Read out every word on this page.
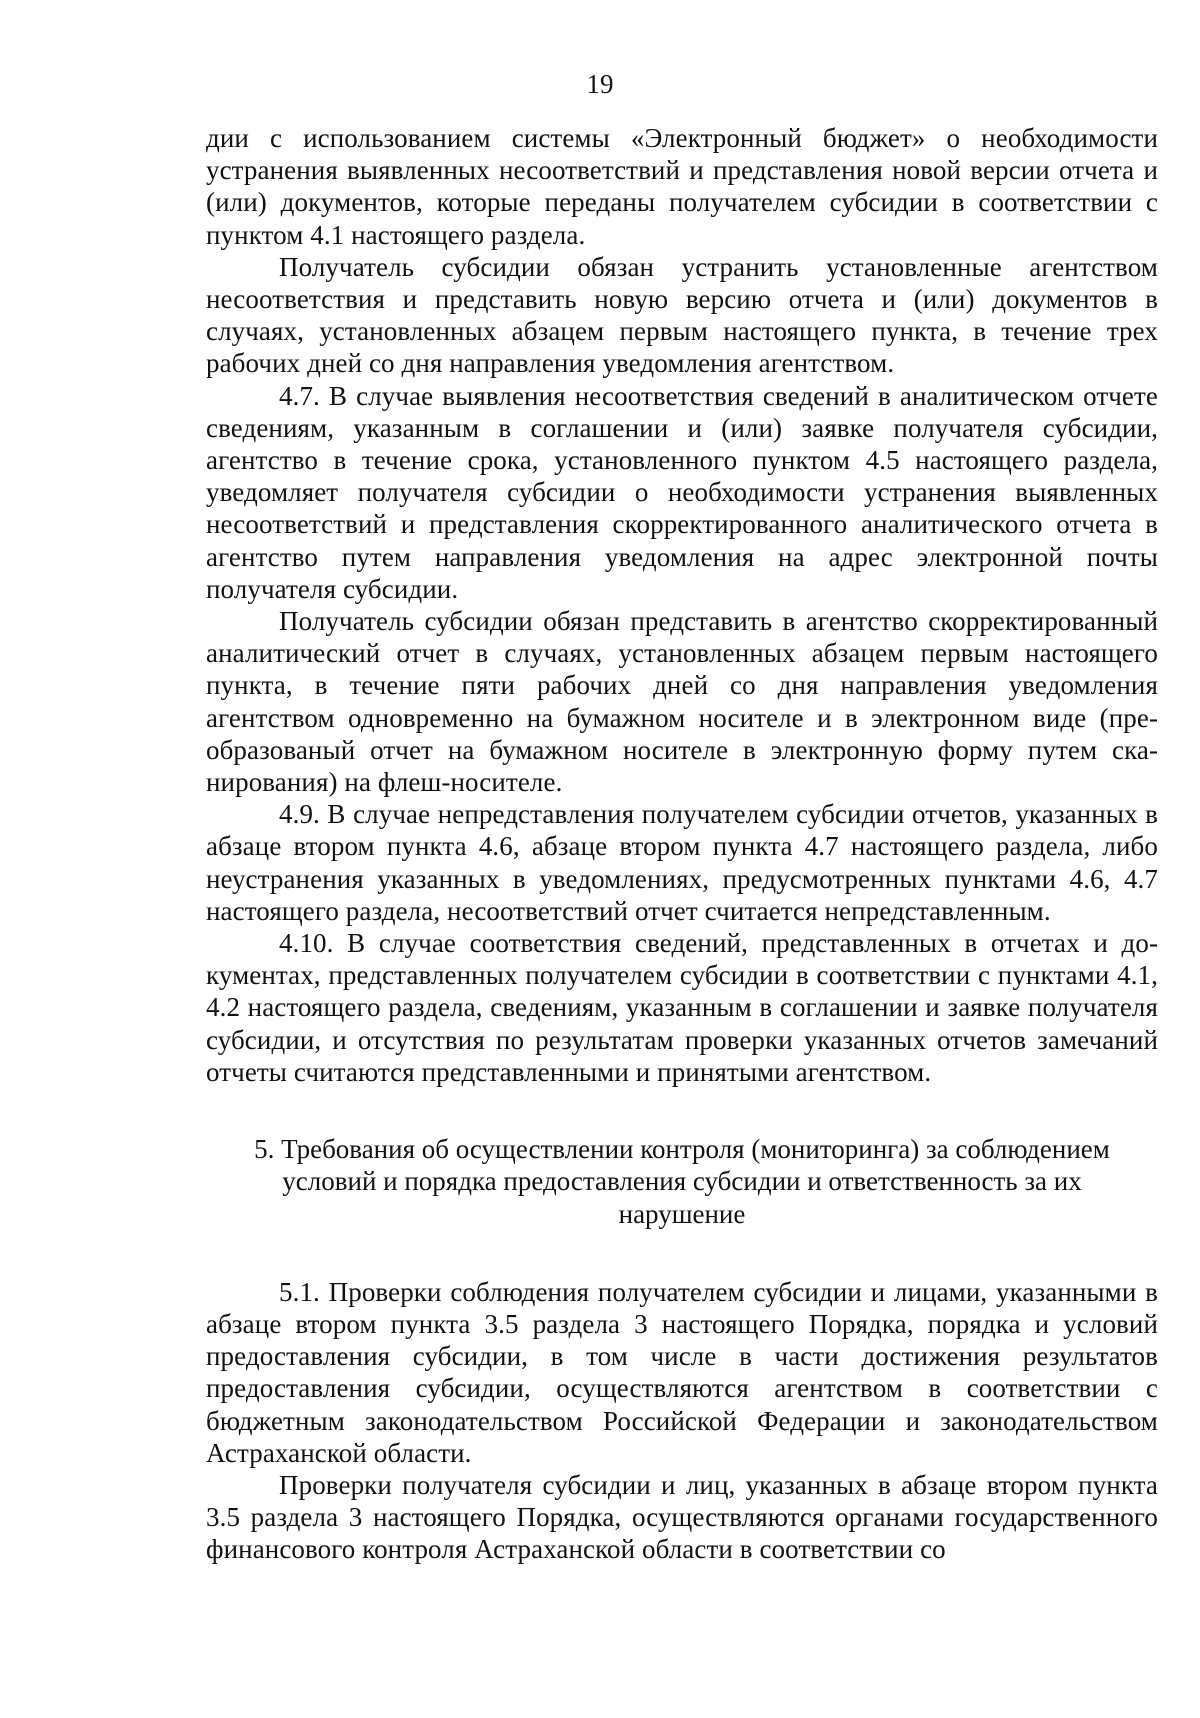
19

дии с использованием системы «Электронный бюджет» о необходимости устранения выявленных несоответствий и представления новой версии отчета и (или) документов, которые переданы получателем субсидии в соответствии с пунктом 4.1 настоящего раздела.

Получатель субсидии обязан устранить установленные агентством несоответствия и представить новую версию отчета и (или) документов в случаях, установленных абзацем первым настоящего пункта, в течение трех рабочих дней со дня направления уведомления агентством.

4.7. В случае выявления несоответствия сведений в аналитическом отчете сведениям, указанным в соглашении и (или) заявке получателя субсидии, агентство в течение срока, установленного пунктом 4.5 настоящего раздела, уведомляет получателя субсидии о необходимости устранения выявленных несоответствий и представления скорректированного аналитического отчета в агентство путем направления уведомления на адрес электронной почты получателя субсидии.

Получатель субсидии обязан представить в агентство скорректированный аналитический отчет в случаях, установленных абзацем первым настоящего пункта, в течение пяти рабочих дней со дня направления уведомления агентством одновременно на бумажном носителе и в электронном виде (преобразованый отчет на бумажном носителе в электронную форму путем сканирования) на флеш-носителе.

4.9. В случае непредставления получателем субсидии отчетов, указанных в абзаце втором пункта 4.6, абзаце втором пункта 4.7 настоящего раздела, либо неустранения указанных в уведомлениях, предусмотренных пунктами 4.6, 4.7 настоящего раздела, несоответствий отчет считается непредставленным.

4.10. В случае соответствия сведений, представленных в отчетах и документах, представленных получателем субсидии в соответствии с пунктами 4.1, 4.2 настоящего раздела, сведениям, указанным в соглашении и заявке получателя субсидии, и отсутствия по результатам проверки указанных отчетов замечаний отчеты считаются представленными и принятыми агентством.

5. Требования об осуществлении контроля (мониторинга) за соблюдением условий и порядка предоставления субсидии и ответственность за их нарушение

5.1. Проверки соблюдения получателем субсидии и лицами, указанными в абзаце втором пункта 3.5 раздела 3 настоящего Порядка, порядка и условий предоставления субсидии, в том числе в части достижения результатов предоставления субсидии, осуществляются агентством в соответствии с бюджетным законодательством Российской Федерации и законодательством Астраханской области.

Проверки получателя субсидии и лиц, указанных в абзаце втором пункта 3.5 раздела 3 настоящего Порядка, осуществляются органами государственного финансового контроля Астраханской области в соответствии со
